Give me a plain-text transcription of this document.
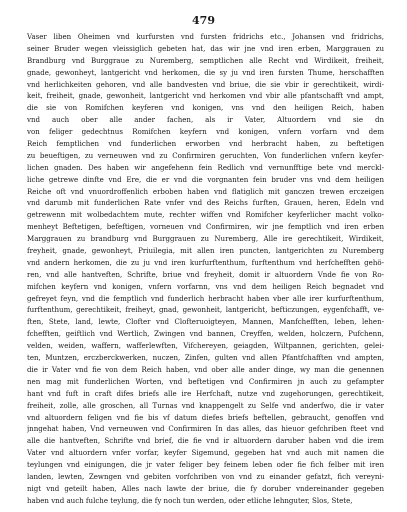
479
Vaser liben Oheimen vnd kurfursten vnd fursten fridrichs etc., Johansen vnd fridrichs,
seiner Bruder wegen vleissiglich gebeten hat, das wir jne vnd iren erben, Marggrauen zu
Brandburg vnd Burggraue zu Nuremberg, semptlichen alle Recht vnd Wirdikeit, freiheit,
gnade, gewonheyt, lantgericht vnd herkomen, die sy ju vnd iren fursten Thume, herschafften
vnd herlichkeiten gehoren, vnd alle bandvesten vnd briue, die sie vbir ir gerechtikeit, wirdi-
keit, freiheit, gnade, gewonheit, lantgericht vnd herkomen vnd vbir alle pfantschafft vnd ampt,
die sie von Romifchen keyferen vnd konigen, vns vnd den heiligen Reich, haben
vnd auch ober alle ander fachen, als ir Vater, Altuordern vnd sie dn
von feliger gedechtnus Romifchen keyfern vnd konigen, vnfern vorfarn vnd dem
Reich femptlichen vnd funderlichen erworben vnd herbracht haben, zu beftetigen
zu beueftigen, zu verneuwen vnd zu Confirmiren geruchten, Von funderlichen vnfern keyfer-
lichen gnaden. Des haben wir angefehenn fein Redlich vnd vernunfftige bete vnd merckl-
liche getrewe dinfte vnd Ere, die er vnd die vorgnanten fein bruder vns vnd dem heiligen
Reiche oft vnd vnuordroffenlich erboben haben vnd flatiglich mit ganczen trewen erczeigen
vnd darumb mit funderlichen Rate vnfer vnd des Reichs furften, Grauen, heren, Edeln vnd
getrewenn mit wolbedachtem mute, rechter wiffen vnd Romifcher keyferlicher macht volko-
menheyt Beftetigen, befeftigen, vorneuen vnd Confirmiren, wir jne femptlich vnd iren erben
Marggrauen zu brandburg vnd Burggrauen zu Nuremberg, Alle ire gerechtikeit, Wirdikeit,
freyheit, gnade, gewonheyt, Priuilegia, mit allen iren puncten, lantgerichten zu Nuremberg
vnd andern herkomen, die zu ju vnd iren kurfurftenthum, furftenthum vnd herfchefften gehö-
ren, vnd alle hantveften, Schrifte, briue vnd freyheit, domit ir altuordern Vnde fie von Ro-
mifchen keyfern vnd konigen, vnfern vorfarnn, vns vnd dem heiligen Reich begnadet vnd
gefreyet feyn, vnd die femptlich vnd funderlich herbracht haben vber alle irer kurfurftenthum,
furftenthum, gerechtikeit, freiheyt, gnad, gewonheit, lantgericht, befticzungen, eygenfchafft, ve-
ften, Stete, land, lewte, Clofter vnd Clofteruoigteyen, Mannen, Manfchefften, leben, lehen-
fchefften, geiftlich vnd Wertlich, Zwingen vnd bannen, Creyffen, welden, holczern, Pufchenn,
velden, weiden, waffern, wafferlewften, Vifchereyen, geiagden, Wiltpannen, gerichten, gelei-
ten, Muntzen, erczberckwerken, nuczen, Zinfen, gulten vnd allen Pfantfchafften vnd ampten,
die ir Vater vnd fie von dem Reich haben, vnd ober alle ander dinge, wy man die genennen
nen mag mit funderlichen Worten, vnd beftetigen vnd Confirmiren jn auch zu gefampter
hant vnd fuft in craft difes briefs alle ire Herfchaft, nutze vnd zugehorungen, gerechtikeit,
freiheit, zolle, alle groschen, all Turnas vnd knappengelt zu Selfe vnd anderfwo, die ir vater
vnd altuordern feligen vnd fie bis vf datum diefes briefs beftellen, gebraucht, genoffen vnd
jnngehat haben, Vnd verneuwen vnd Confirmiren In das alles, das hieuor gefchriben fteet vnd
alle die hantveften, Schrifte vnd brief, die fie vnd ir altuordern daruber haben vnd die irem
Vater vnd altuordern vnfer vorfar, keyfer Sigemund, gegeben hat vnd auch mit namen die
teylungen vnd einigungen, die jr vater feliger bey feinem leben oder fie fich felber mit iren
landen, lewten, Zewngen vnd gebiten vorfchriben von vnd zu einander gefatzt, fich vereyni-
nigt vnd geteilt haben, Alles nach lawte der briue, die fy doruber vndereinander gegeben
haben vnd auch fulche teylung, die fy noch tun werden, oder etliche lehnguter, Slos, Stete,
